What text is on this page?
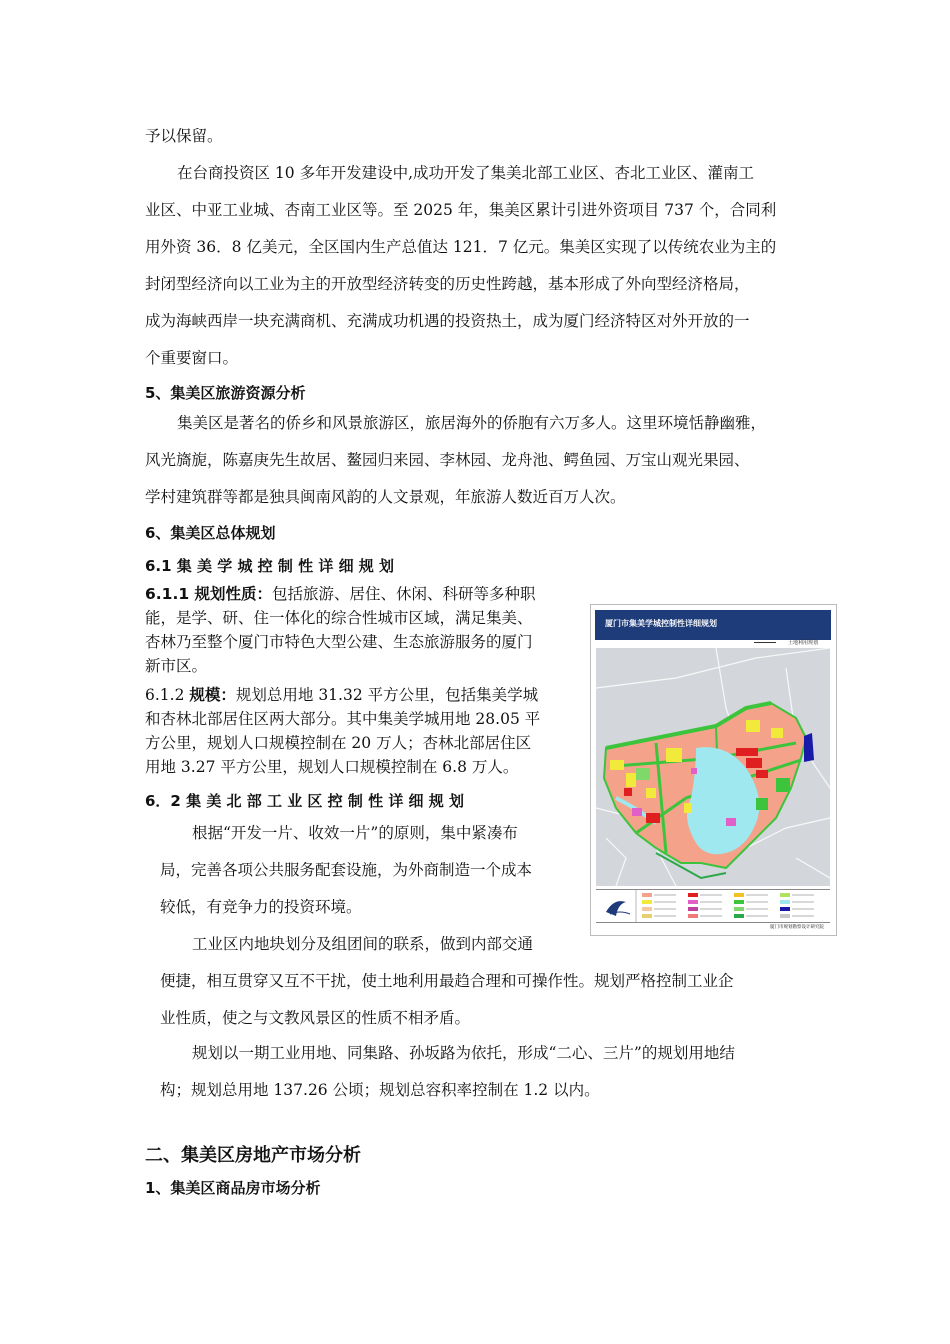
予以保留。

在台商投资区 10 多年开发建设中,成功开发了集美北部工业区、杏北工业区、灌南工
业区、中亚工业城、杏南工业区等。至 2025 年，集美区累计引进外资项目 737 个，合同利
用外资 36．8 亿美元，全区国内生产总值达 121．7 亿元。集美区实现了以传统农业为主的
封闭型经济向以工业为主的开放型经济转变的历史性跨越，基本形成了外向型经济格局，
成为海峡西岸一块充满商机、充满成功机遇的投资热土，成为厦门经济特区对外开放的一
个重要窗口。

5、集美区旅游资源分析

集美区是著名的侨乡和风景旅游区，旅居海外的侨胞有六万多人。这里环境恬静幽雅，
风光旖旎，陈嘉庚先生故居、鳌园归来园、李林园、龙舟池、鳄鱼园、万宝山观光果园、
学村建筑群等都是独具闽南风韵的人文景观，年旅游人数近百万人次。

6、集美区总体规划
6.1 集 美 学 城 控 制 性 详 细 规 划

6.1.1 规划性质：包括旅游、居住、休闲、科研等多种职
能，是学、研、住一体化的综合性城市区域，满足集美、
杏林乃至整个厦门市特色大型公建、生态旅游服务的厦门
新市区。

6.1.2 规模：规划总用地 31.32 平方公里，包括集美学城
和杏林北部居住区两大部分。其中集美学城用地 28.05 平
方公里，规划人口规模控制在 20 万人；杏林北部居住区
用地 3.27 平方公里，规划人口规模控制在 6.8 万人。

6．2 集 美 北 部 工 业 区 控 制 性 详 细 规 划

根据“开发一片、收效一片”的原则，集中紧凑布
局，完善各项公共服务配套设施，为外商制造一个成本
较低，有竞争力的投资环境。

工业区内地块划分及组团间的联系，做到内部交通
便捷，相互贯穿又互不干扰，使土地利用最趋合理和可操作性。规划严格控制工业企
业性质，使之与文教风景区的性质不相矛盾。

规划以一期工业用地、同集路、孙坂路为依托，形成“二心、三片”的规划用地结
构；规划总用地 137.26 公顷；规划总容积率控制在 1.2 以内。

二、集美区房地产市场分析
1、集美区商品房市场分析
厦门市集美学城控制性详细规划
土地利用规划
厦门市规划勘察设计研究院
